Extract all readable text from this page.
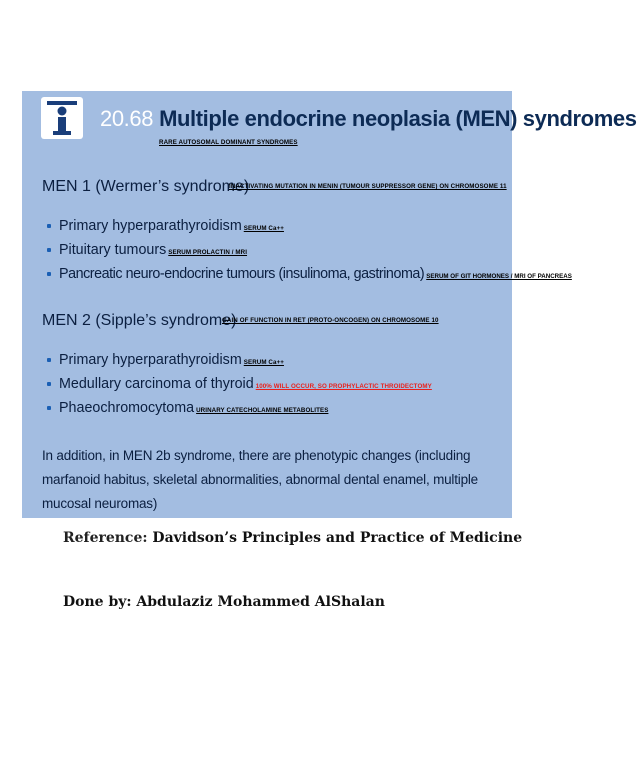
20.68 Multiple endocrine neoplasia (MEN) syndromes
RARE AUTOSOMAL DOMINANT SYNDROMES
MEN 1 (Wermer’s syndrome)
INACTIVATING MUTATION IN MENIN (TUMOUR SUPPRESSOR GENE) ON CHROMOSOME 11
Primary hyperparathyroidism SERUM Ca++
Pituitary tumours SERUM PROLACTIN / MRI
Pancreatic neuro-endocrine tumours (insulinoma, gastrinoma) SERUM OF GIT HORMONES / MRI OF PANCREAS
MEN 2 (Sipple’s syndrome)
GAIN OF FUNCTION IN RET (PROTO-ONCOGEN) ON CHROMOSOME 10
Primary hyperparathyroidism SERUM Ca++
Medullary carcinoma of thyroid 100% WILL OCCUR, SO PROPHYLACTIC THROIDECTOMY
Phaeochromocytoma URINARY CATECHOLAMINE METABOLITES
In addition, in MEN 2b syndrome, there are phenotypic changes (including marfanoid habitus, skeletal abnormalities, abnormal dental enamel, multiple mucosal neuromas)
Reference: Davidson’s Principles and Practice of Medicine
Done by: Abdulaziz Mohammed AlShalan
